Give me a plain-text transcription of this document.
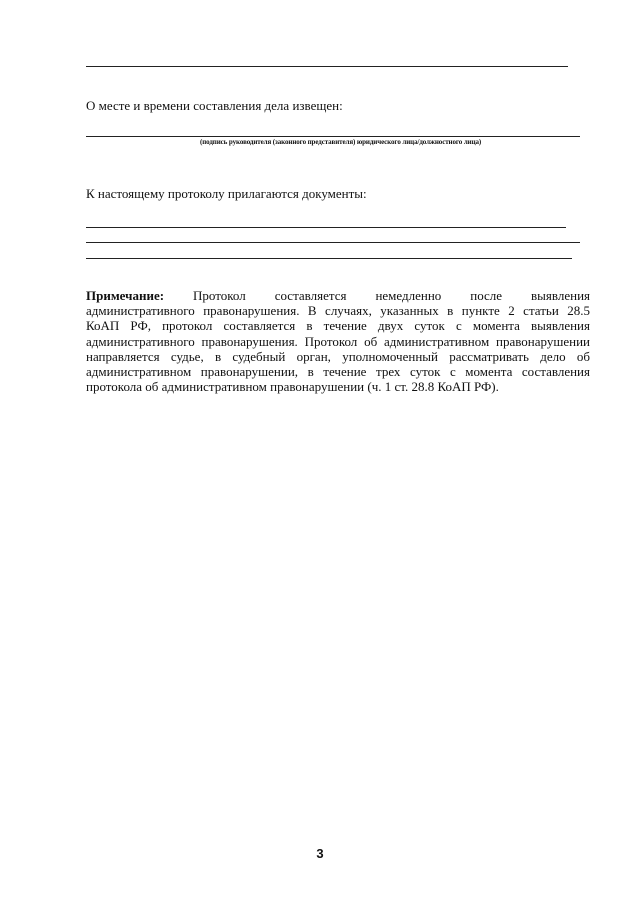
О месте и времени составления дела извещен:
(подпись руководителя (законного представителя) юридического лица/должностного лица)
К настоящему протоколу прилагаются документы:
Примечание: Протокол составляется немедленно после выявления
административного правонарушения. В случаях, указанных в пункте 2 статьи 28.5
КоАП РФ, протокол составляется в течение двух суток с момента выявления
административного правонарушения. Протокол об административном правонарушении
направляется судье, в судебный орган, уполномоченный рассматривать дело об
административном правонарушении, в течение трех суток с момента составления
протокола об административном правонарушении (ч. 1 ст. 28.8 КоАП РФ).
3
